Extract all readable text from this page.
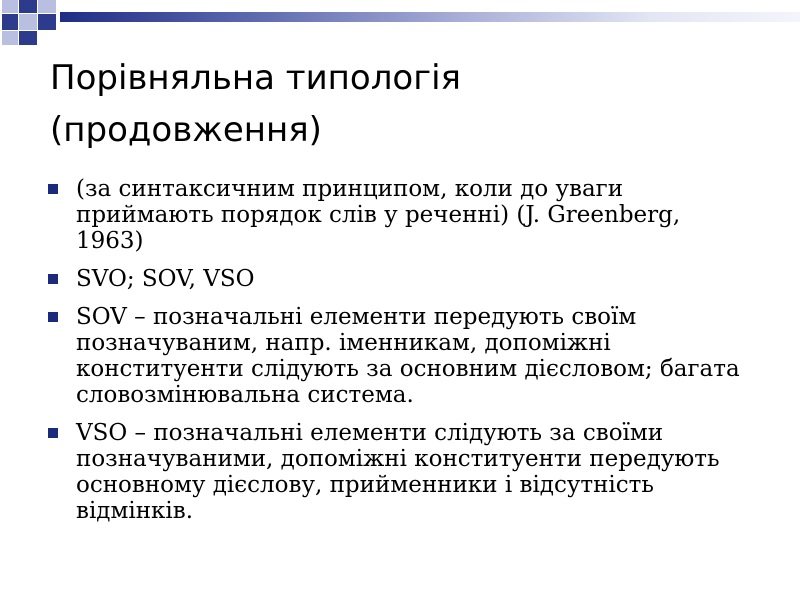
Порівняльна типологія
(продовження)
(за синтаксичним принципом, коли до уваги приймають порядок слів у реченні) (J. Greenberg, 1963)
SVO; SOV, VSO
SOV – позначальні елементи передують своїм позначуваним, напр. іменникам, допоміжні конституенти слідують за основним дієсловом; багата словозмінювальна система.
VSO – позначальні елементи слідують за своїми позначуваними, допоміжні конституенти передують основному дієслову, прийменники і відсутність відмінків.
